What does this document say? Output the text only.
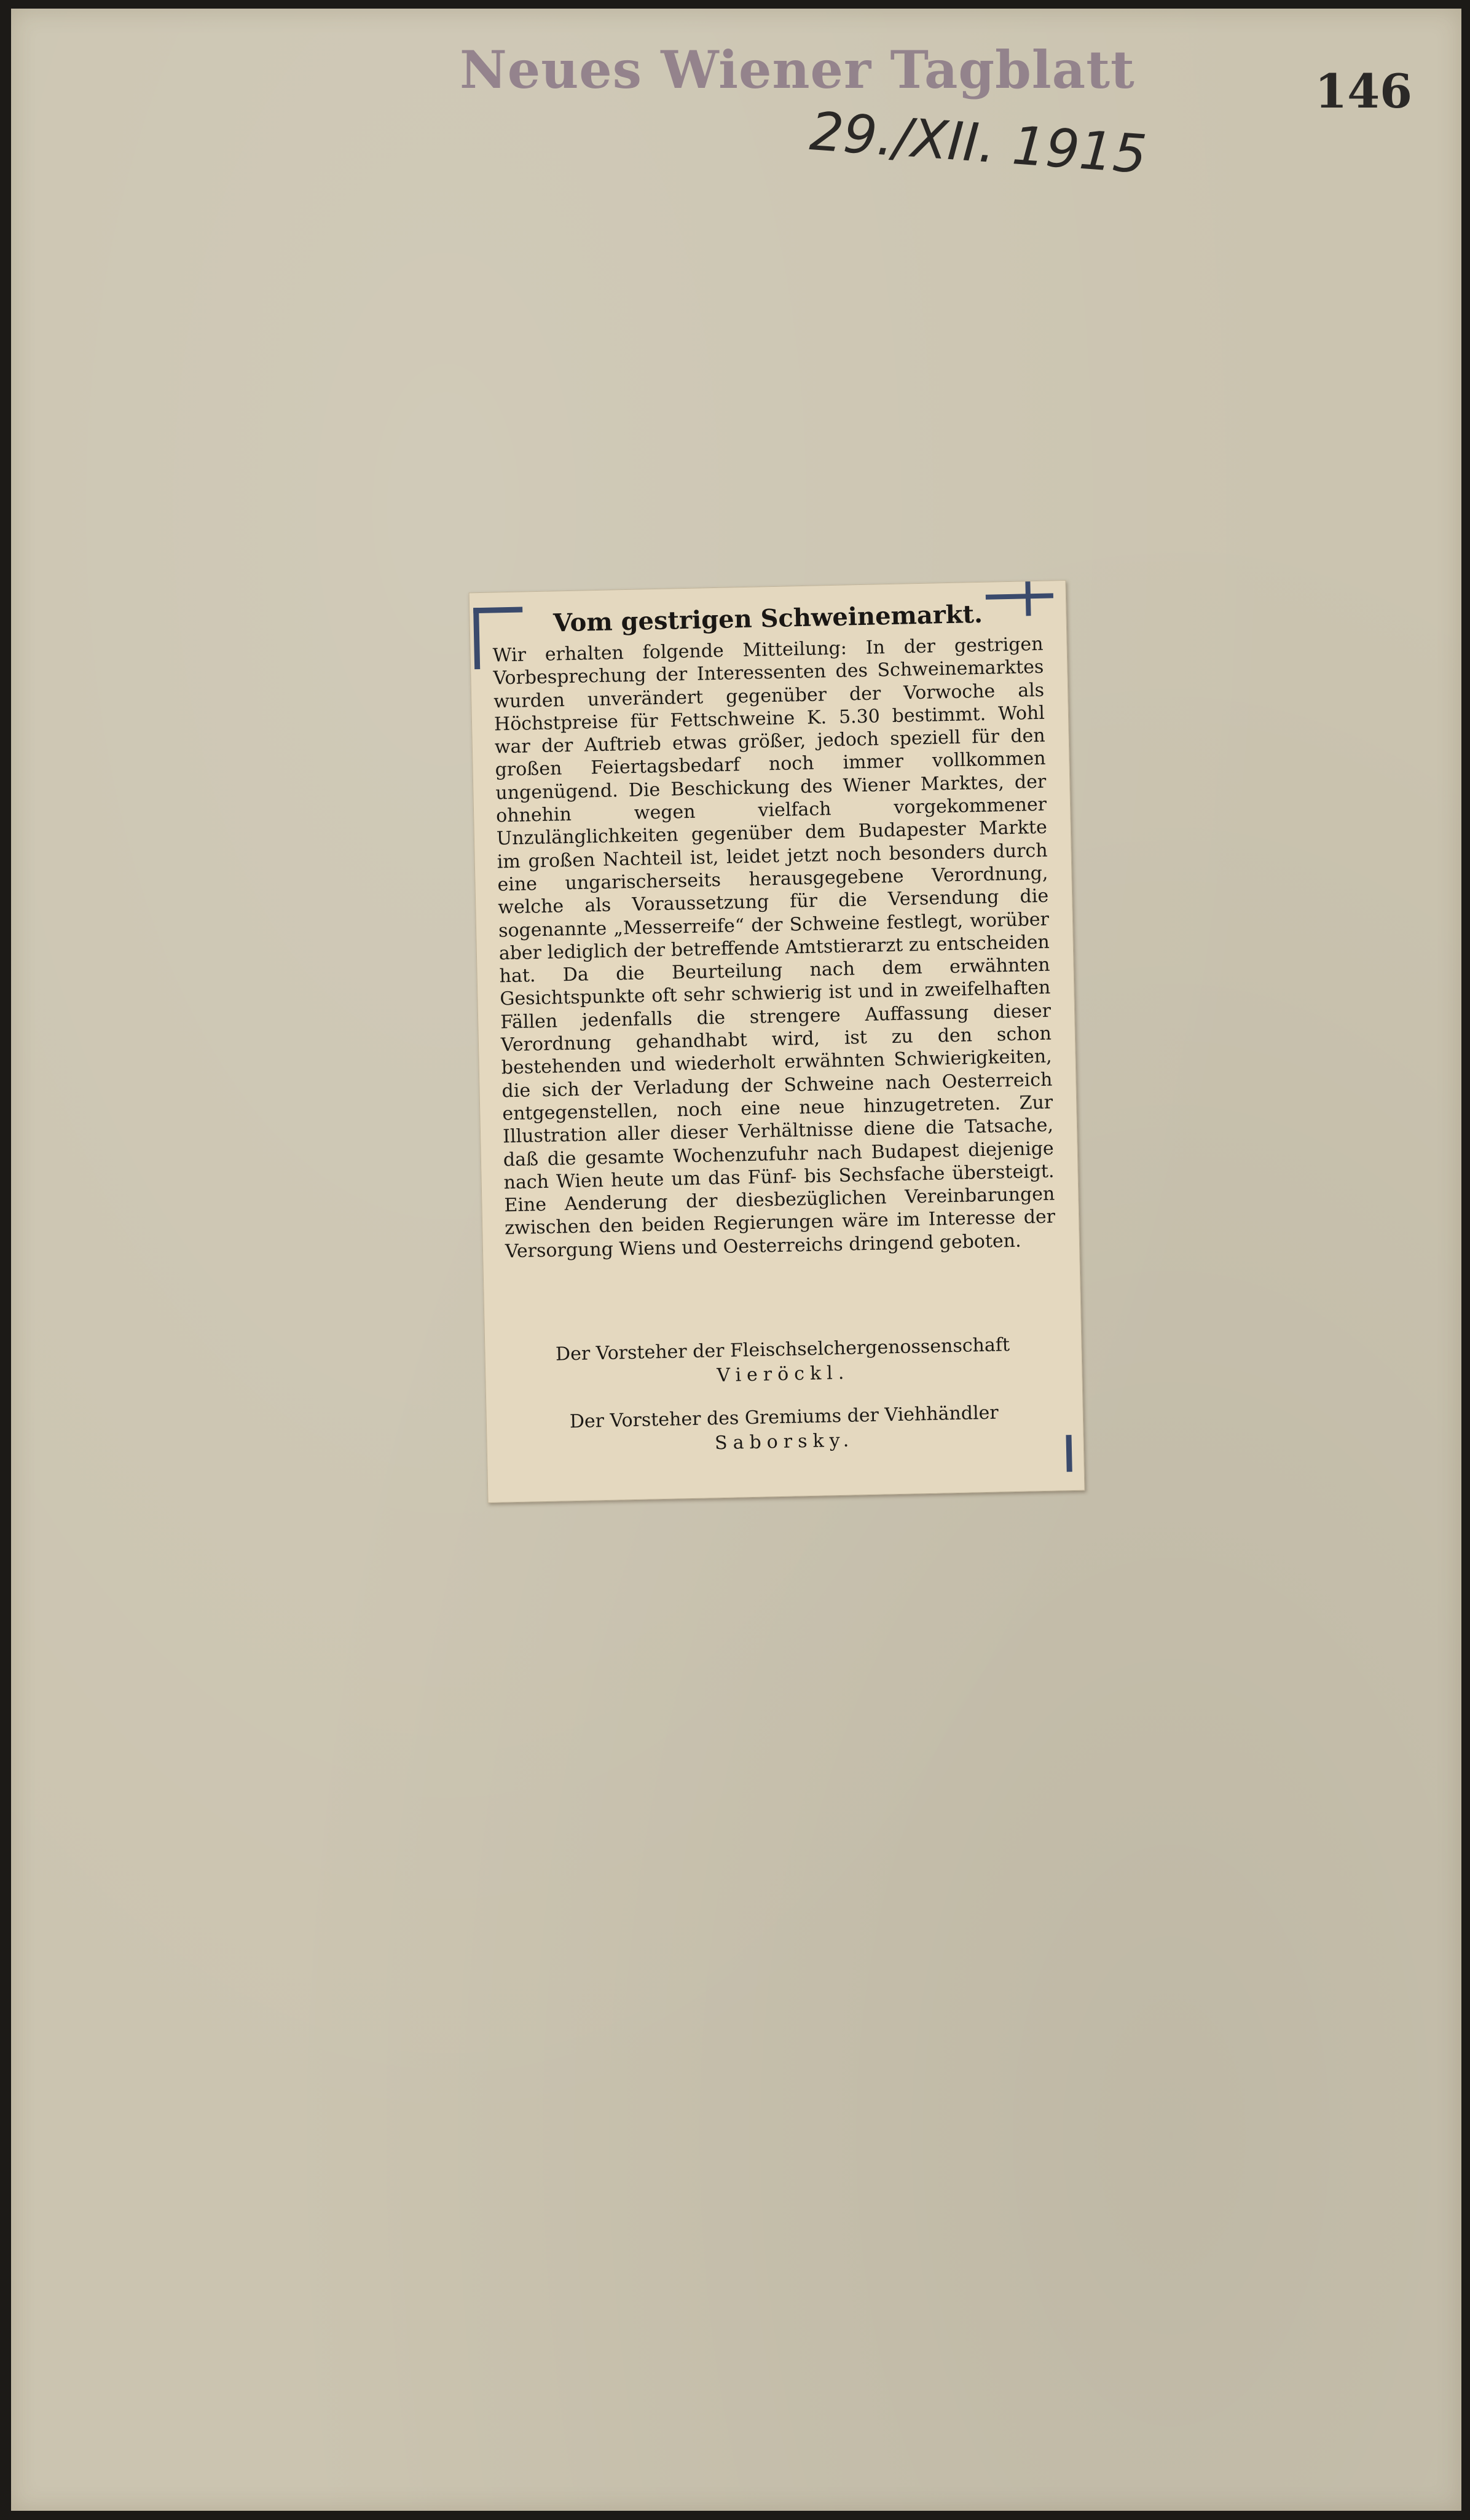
Neues Wiener Tagblatt
29./XII. 1915
146
Vom gestrigen Schweinemarkt.

Wir erhalten folgende Mitteilung: In der gestrigen Vorbesprechung der Interessenten des Schweinemarktes wurden unverändert gegenüber der Vorwoche als Höchstpreise für Fettschweine K. 5.30 bestimmt. Wohl war der Auftrieb etwas größer, jedoch speziell für den großen Feiertagsbedarf noch immer vollkommen ungenügend. Die Beschickung des Wiener Marktes, der ohnehin wegen vielfach vorgekommener Unzulänglichkeiten gegenüber dem Budapester Markte im großen Nachteil ist, leidet jetzt noch besonders durch eine ungarischerseits herausgegebene Verordnung, welche als Voraussetzung für die Versendung die sogenannte „Messerreife“ der Schweine festlegt, worüber aber lediglich der betreffende Amtstierarzt zu entscheiden hat. Da die Beurteilung nach dem erwähnten Gesichtspunkte oft sehr schwierig ist und in zweifelhaften Fällen jedenfalls die strengere Auffassung dieser Verordnung gehandhabt wird, ist zu den schon bestehenden und wiederholt erwähnten Schwierigkeiten, die sich der Verladung der Schweine nach Oesterreich entgegenstellen, noch eine neue hinzugetreten. Zur Illustration aller dieser Verhältnisse diene die Tatsache, daß die gesamte Wochenzufuhr nach Budapest diejenige nach Wien heute um das Fünf- bis Sechsfache übersteigt. Eine Aenderung der diesbezüglichen Vereinbarungen zwischen den beiden Regierungen wäre im Interesse der Versorgung Wiens und Oesterreichs dringend geboten.

Der Vorsteher der Fleischselchergenossenschaft
Vieröckl.
Der Vorsteher des Gremiums der Viehhändler
Saborsky.
